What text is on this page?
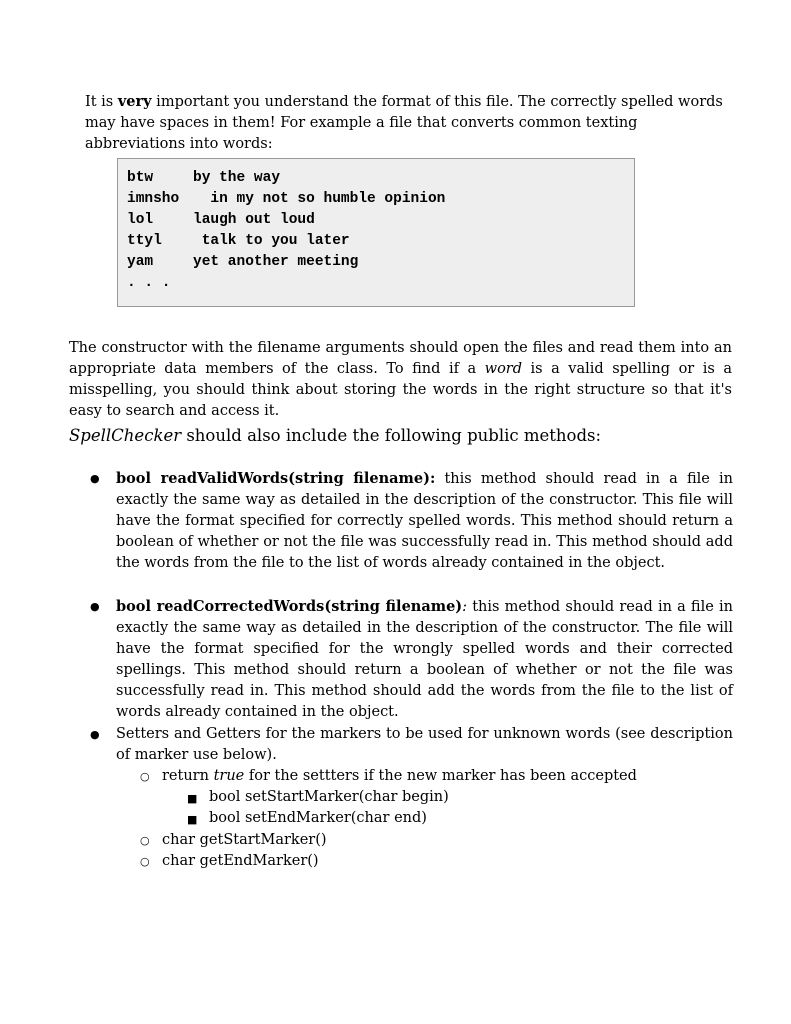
It is very important you understand the format of this file. The correctly spelled words may have spaces in them! For example a file that converts common texting abbreviations into words:
btw	by the way
imnsho  in my not so humble opinion
lol	laugh out loud
ttyl talk to you later
yam	yet another meeting
. . .
The constructor with the filename arguments should open the files and read them into an appropriate data members of the class. To find if a word is a valid spelling or is a misspelling, you should think about storing the words in the right structure so that it's easy to search and access it.
SpellChecker should also include the following public methods:
●
bool readValidWords(string filename): this method should read in a file in exactly the same way as detailed in the description of the constructor. This file will have the format specified for correctly spelled words. This method should return a boolean of whether or not the file was successfully read in. This method should add the words from the file to the list of words already contained in the object.
●
bool readCorrectedWords(string filename): this method should read in a file in exactly the same way as detailed in the description of the constructor. The file will have the format specified for the wrongly spelled words and their corrected spellings. This method should return a boolean of whether or not the file was successfully read in. This method should add the words from the file to the list of words already contained in the object.
●
Setters and Getters for the markers to be used for unknown words (see description of marker use below).
○ return true for the settters if the new marker has been accepted
■ bool setStartMarker(char begin)
■ bool setEndMarker(char end)
○ char getStartMarker()
○ char getEndMarker()
